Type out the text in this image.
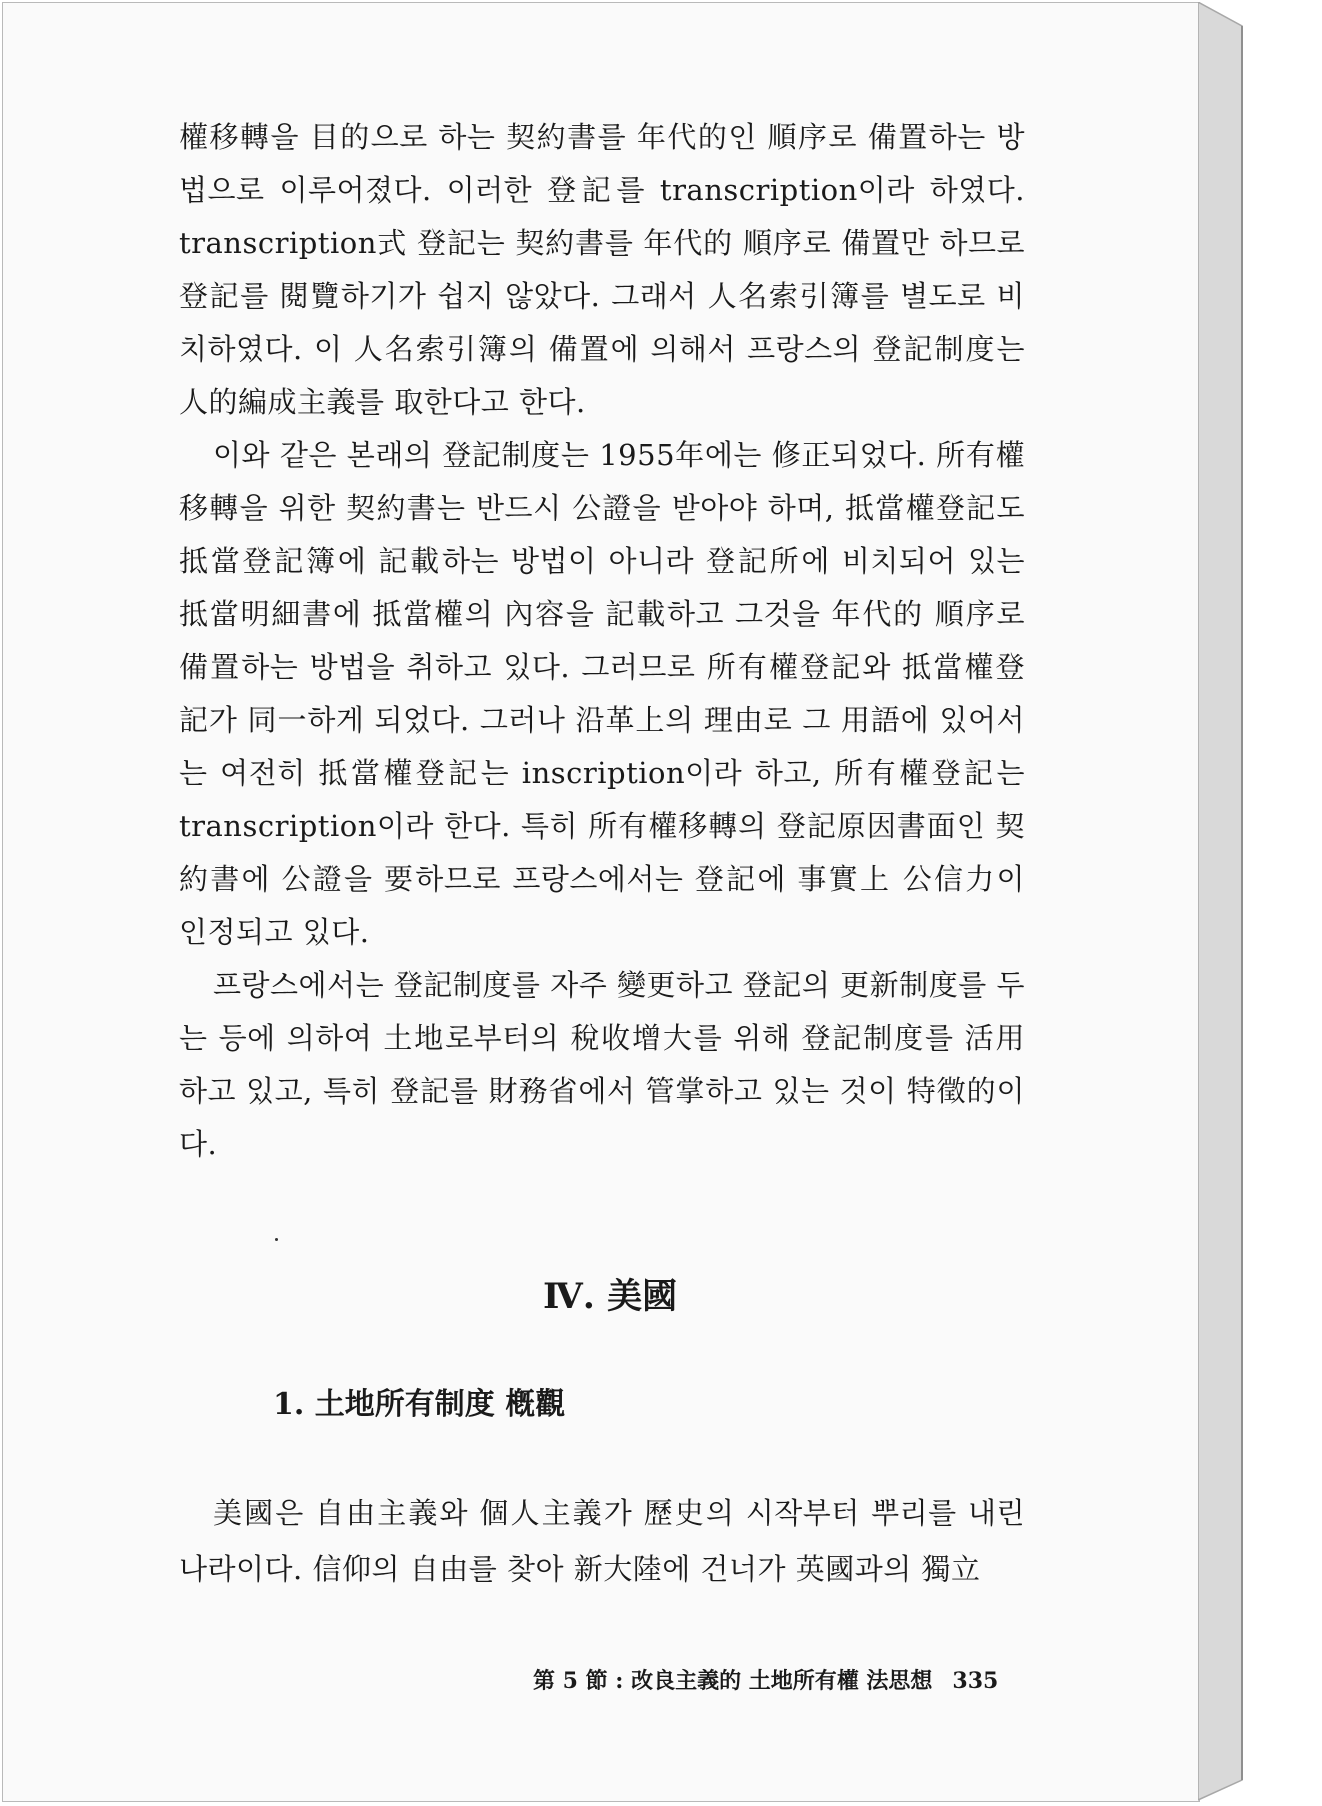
權移轉을 目的으로 하는 契約書를 年代的인 順序로 備置하는 방법으로 이루어졌다. 이러한 登記를 transcription이라 하였다. transcription式 登記는 契約書를 年代的 順序로 備置만 하므로 登記를 閱覽하기가 쉽지 않았다. 그래서 人名索引簿를 별도로 비치하였다. 이 人名索引簿의 備置에 의해서 프랑스의 登記制度는 人的編成主義를 取한다고 한다.

이와 같은 본래의 登記制度는 1955年에는 修正되었다. 所有權移轉을 위한 契約書는 반드시 公證을 받아야 하며, 抵當權登記도 抵當登記簿에 記載하는 방법이 아니라 登記所에 비치되어 있는 抵當明細書에 抵當權의 內容을 記載하고 그것을 年代的 順序로 備置하는 방법을 취하고 있다. 그러므로 所有權登記와 抵當權登記가 同一하게 되었다. 그러나 沿革上의 理由로 그 用語에 있어서는 여전히 抵當權登記는 inscription이라 하고, 所有權登記는 transcription이라 한다. 특히 所有權移轉의 登記原因書面인 契約書에 公證을 要하므로 프랑스에서는 登記에 事實上 公信力이 인정되고 있다.

프랑스에서는 登記制度를 자주 變更하고 登記의 更新制度를 두는 등에 의하여 土地로부터의 稅收增大를 위해 登記制度를 活用하고 있고, 특히 登記를 財務省에서 管掌하고 있는 것이 特徵的이다.

Ⅳ. 美國
1. 土地所有制度 槪觀

美國은 自由主義와 個人主義가 歷史의 시작부터 뿌리를 내린 나라이다. 信仰의 自由를 찾아 新大陸에 건너가 英國과의 獨立

第 5 節 : 改良主義的 土地所有權 法思想 335
